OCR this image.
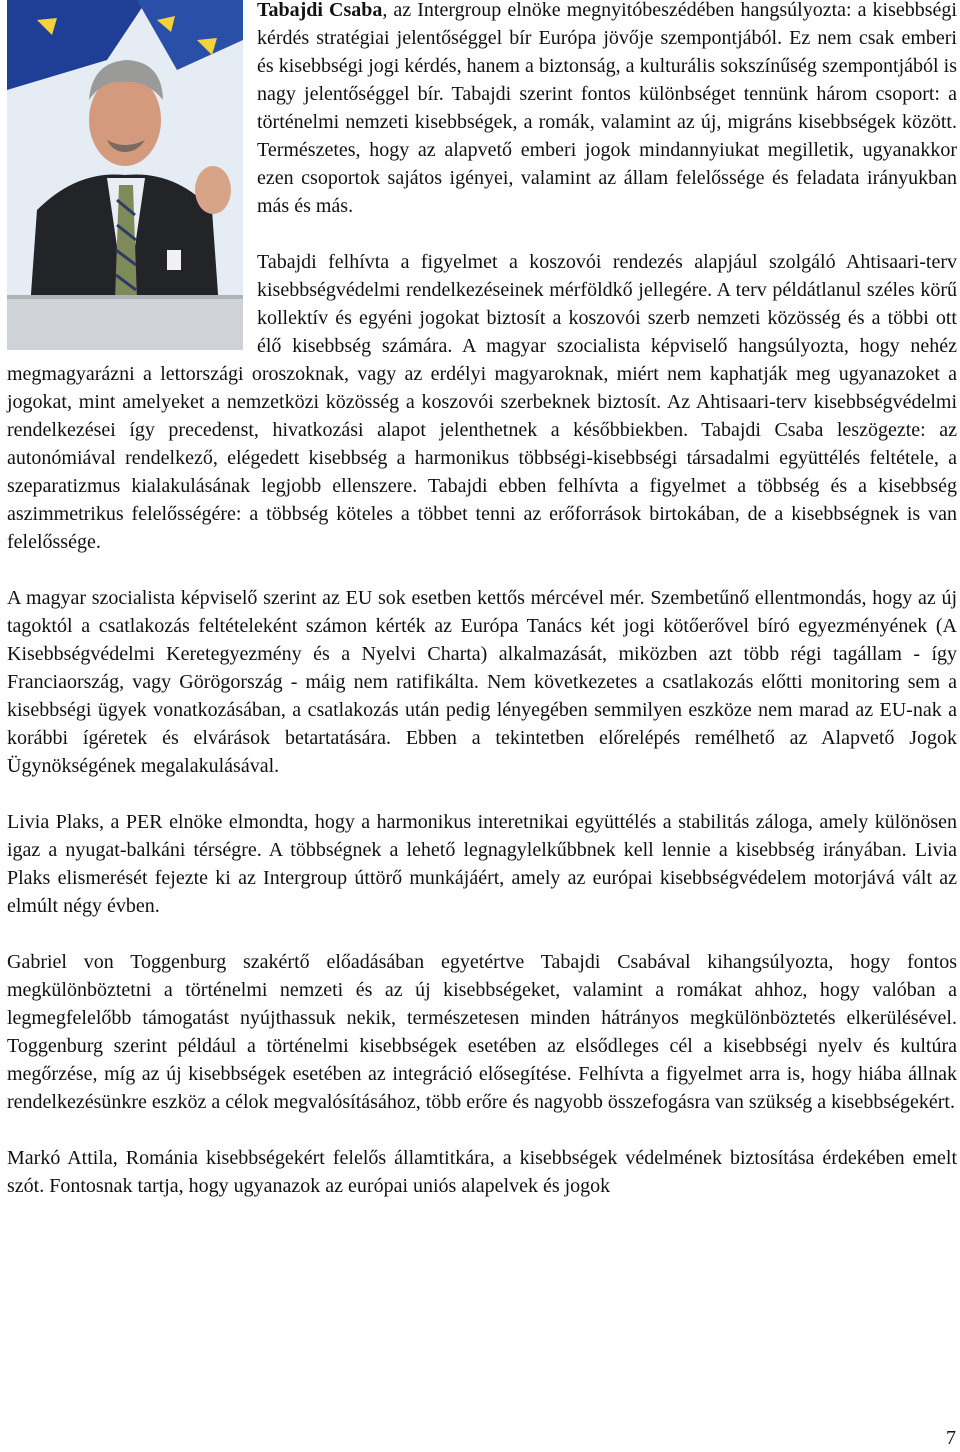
Tabajdi Csaba, az Intergroup elnöke megnyitóbeszédében hangsúlyozta: a kisebbségi kérdés stratégiai jelentőséggel bír Európa jövője szempontjából. Ez nem csak emberi és kisebbségi jogi kérdés, hanem a biztonság, a kulturális sokszínűség szempontjából is nagy jelentőséggel bír. Tabajdi szerint fontos különbséget tennünk három csoport: a történelmi nemzeti kisebbségek, a romák, valamint az új, migráns kisebbségek között. Természetes, hogy az alapvető emberi jogok mindannyiukat megilletik, ugyanakkor ezen csoportok sajátos igényei, valamint az állam felelőssége és feladata irányukban más és más.

Tabajdi felhívta a figyelmet a koszovói rendezés alapjául szolgáló Ahtisaari-terv kisebbségvédelmi rendelkezéseinek mérföldkő jellegére. A terv példátlanul széles körű kollektív és egyéni jogokat biztosít a koszovói szerb nemzeti közösség és a többi ott élő kisebbség számára. A magyar szocialista képviselő hangsúlyozta, hogy nehéz megmagyarázni a lettországi oroszoknak, vagy az erdélyi magyaroknak, miért nem kaphatják meg ugyanazoket a jogokat, mint amelyeket a nemzetközi közösség a koszovói szerbeknek biztosít. Az Ahtisaari-terv kisebbségvédelmi rendelkezései így precedenst, hivatkozási alapot jelenthetnek a későbbiekben. Tabajdi Csaba leszögezte: az autonómiával rendelkező, elégedett kisebbség a harmonikus többségi-kisebbségi társadalmi együttélés feltétele, a szeparatizmus kialakulásának legjobb ellenszere. Tabajdi ebben felhívta a figyelmet a többség és a kisebbség aszimmetrikus felelősségére: a többség köteles a többet tenni az erőforrások birtokában, de a kisebbségnek is van felelőssége.

A magyar szocialista képviselő szerint az EU sok esetben kettős mércével mér. Szembetűnő ellentmondás, hogy az új tagoktól a csatlakozás feltételeként számon kérték az Európa Tanács két jogi kötőerővel bíró egyezményének (A Kisebbségvédelmi Keretegyezmény és a Nyelvi Charta) alkalmazását, miközben azt több régi tagállam - így Franciaország, vagy Görögország - máig nem ratifikálta. Nem következetes a csatlakozás előtti monitoring sem a kisebbségi ügyek vonatkozásában, a csatlakozás után pedig lényegében semmilyen eszköze nem marad az EU-nak a korábbi ígéretek és elvárások betartatására. Ebben a tekintetben előrelépés remélhető az Alapvető Jogok Ügynökségének megalakulásával.

Livia Plaks, a PER elnöke elmondta, hogy a harmonikus interetnikai együttélés a stabilitás záloga, amely különösen igaz a nyugat-balkáni térségre. A többségnek a lehető legnagylelkűbbnek kell lennie a kisebbség irányában. Livia Plaks elismerését fejezte ki az Intergroup úttörő munkájáért, amely az európai kisebbségvédelem motorjává vált az elmúlt négy évben.

Gabriel von Toggenburg szakértő előadásában egyetértve Tabajdi Csabával kihangsúlyozta, hogy fontos megkülönböztetni a történelmi nemzeti és az új kisebbségeket, valamint a romákat ahhoz, hogy valóban a legmegfelelőbb támogatást nyújthassuk nekik, természetesen minden hátrányos megkülönböztetés elkerülésével. Toggenburg szerint például a történelmi kisebbségek esetében az elsődleges cél a kisebbségi nyelv és kultúra megőrzése, míg az új kisebbségek esetében az integráció elősegítése. Felhívta a figyelmet arra is, hogy hiába állnak rendelkezésünkre eszköz a célok megvalósításához, több erőre és nagyobb összefogásra van szükség a kisebbségekért.

Markó Attila, Románia kisebbségekért felelős államtitkára, a kisebbségek védelmének biztosítása érdekében emelt szót. Fontosnak tartja, hogy ugyanazok az európai uniós alapelvek és jogok

7
